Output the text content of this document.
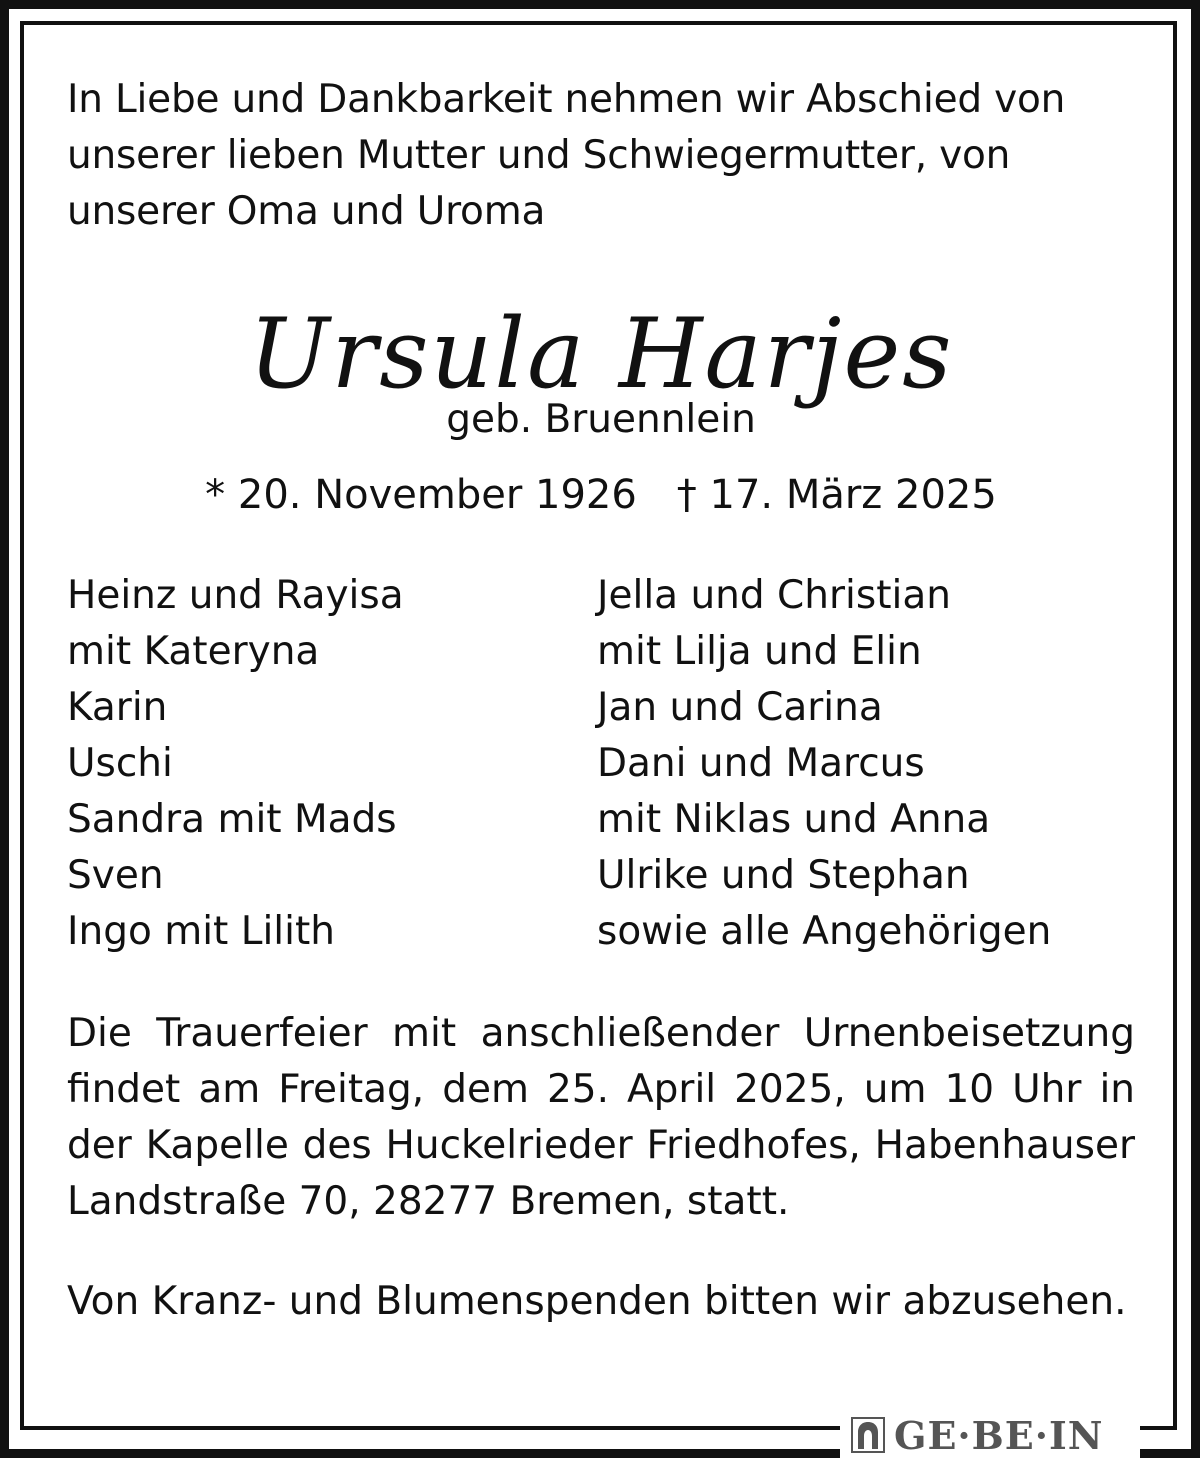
In Liebe und Dankbarkeit nehmen wir Abschied von unserer lieben Mutter und Schwiegermutter, von unserer Oma und Uroma

Ursula Harjes

geb. Bruennlein

* 20. November 1926 † 17. März 2025

Heinz und Rayisa
mit Kateryna
Karin
Uschi
Sandra mit Mads
Sven
Ingo mit Lilith
Jella und Christian
mit Lilja und Elin
Jan und Carina
Dani und Marcus
mit Niklas und Anna
Ulrike und Stephan
sowie alle Angehörigen

Die Trauerfeier mit anschließender Urnenbeisetzung findet am Freitag, dem 25. April 2025, um 10 Uhr in der Kapelle des Huckelrieder Friedhofes, Habenhauser Landstraße 70, 28277 Bremen, statt.

Von Kranz- und Blumenspenden bitten wir abzusehen.

GE·BE·IN
